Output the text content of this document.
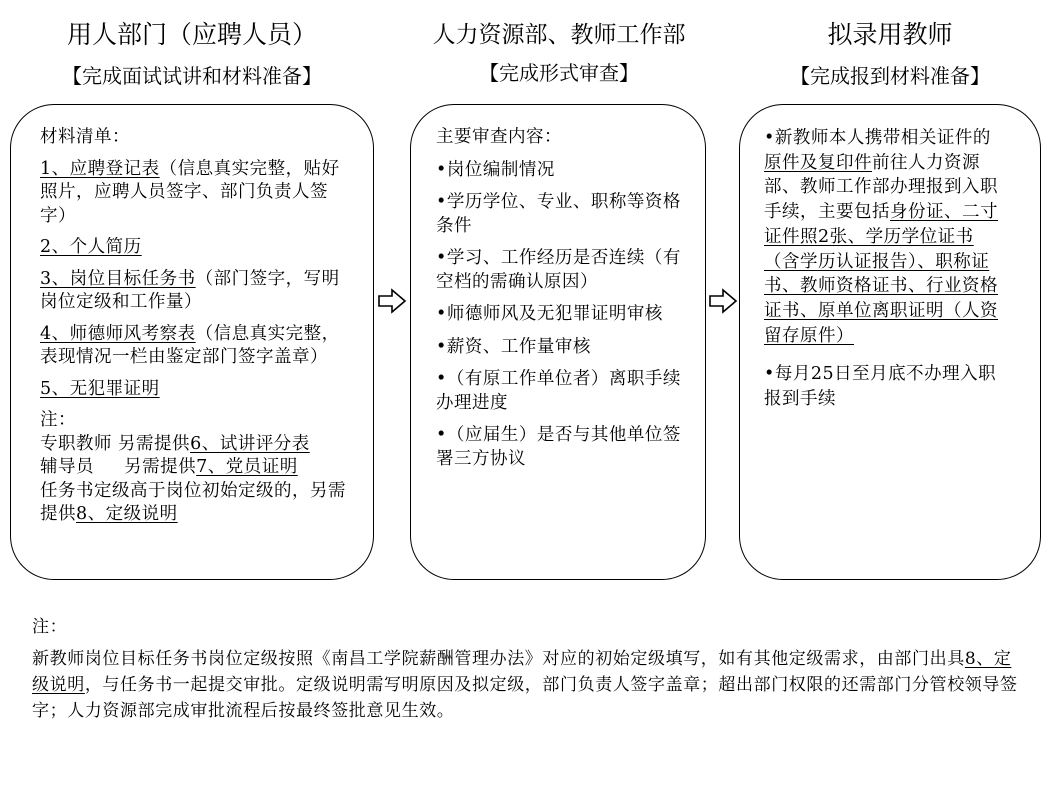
用人部门（应聘人员）
【完成面试试讲和材料准备】
人力资源部、教师工作部
【完成形式审查】
拟录用教师
【完成报到材料准备】

材料清单：

1、应聘登记表（信息真实完整，贴好照片，应聘人员签字、部门负责人签字）

2、个人简历

3、岗位目标任务书（部门签字，写明岗位定级和工作量）

4、师德师风考察表（信息真实完整，表现情况一栏由鉴定部门签字盖章）

5、无犯罪证明

注：

专职教师 另需提供6、试讲评分表

辅导员 　 另需提供7、党员证明

任务书定级高于岗位初始定级的，另需提供8、定级说明

主要审查内容：

•岗位编制情况

•学历学位、专业、职称等资格条件

•学习、工作经历是否连续（有空档的需确认原因）

•师德师风及无犯罪证明审核

•薪资、工作量审核

•（有原工作单位者）离职手续办理进度

•（应届生）是否与其他单位签署三方协议

•新教师本人携带相关证件的原件及复印件前往人力资源部、教师工作部办理报到入职手续，主要包括身份证、二寸证件照2张、学历学位证书（含学历认证报告）、职称证书、教师资格证书、行业资格证书、原单位离职证明（人资留存原件）

•每月25日至月底不办理入职报到手续

注：
新教师岗位目标任务书岗位定级按照《南昌工学院薪酬管理办法》对应的初始定级填写，如有其他定级需求，由部门出具8、定级说明，与任务书一起提交审批。定级说明需写明原因及拟定级，部门负责人签字盖章；超出部门权限的还需部门分管校领导签字；人力资源部完成审批流程后按最终签批意见生效。
